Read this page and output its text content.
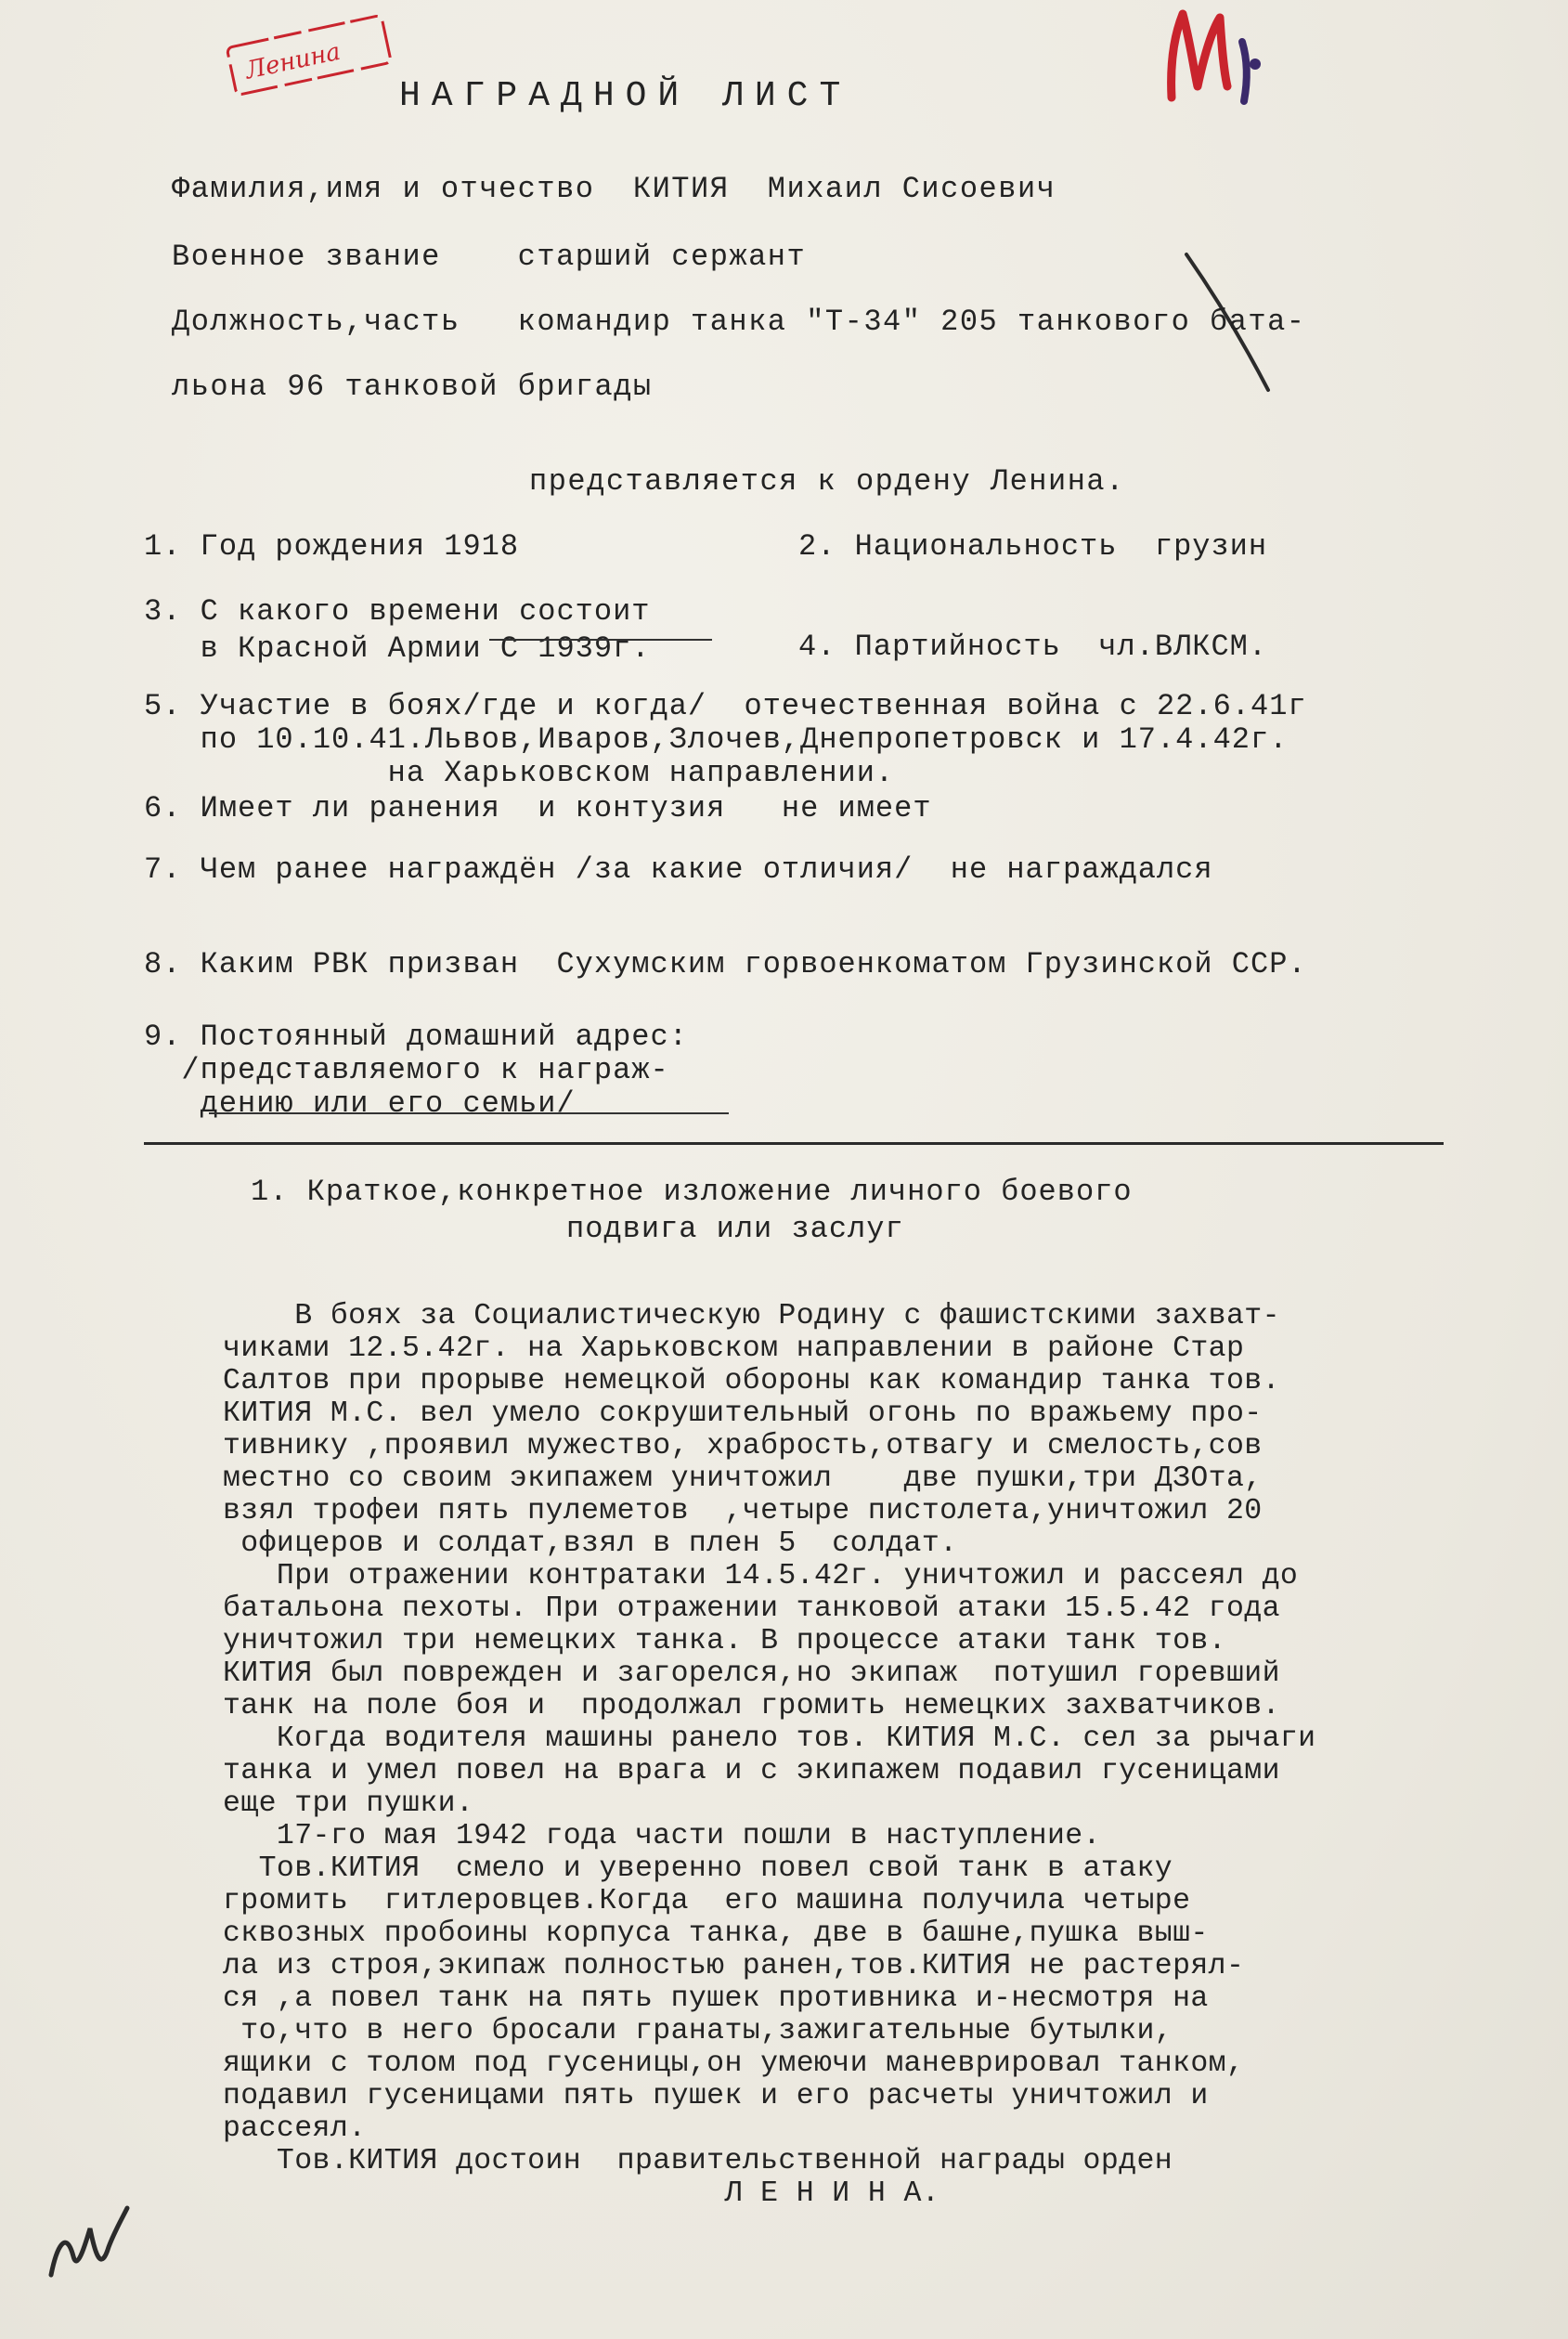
Ленина
НАГРАДНОЙ ЛИСТ
Фамилия,имя и отчество  КИТИЯ  Михаил Сисоевич
Военное звание    старший сержант
Должность,часть   командир танка "Т-34" 205 танкового бата-
льона 96 танковой бригады
представляется к ордену Ленина.
1. Год рождения 1918	2. Национальность  грузин
3. С какого времени состоит
в Красной Армии С 1939г.	4. Партийность  чл.ВЛКСМ.
5. Участие в боях/где и когда/  отечественная война с 22.6.41г
по 10.10.41.Львов,Иваров,Злочев,Днепропетровск и 17.4.42г.
на Харьковском направлении.
6. Имеет ли ранения  и контузия   не имеет
7. Чем ранее награждён /за какие отличия/  не награждался
8. Каким РВК призван  Сухумским горвоенкоматом Грузинской ССР.
9. Постоянный домашний адрес:
/представляемого к награж-
дению или его семьи/
1. Краткое,конкретное изложение личного боевого
подвига или заслуг
В боях за Социалистическую Родину с фашистскими захват-
чиками 12.5.42г. на Харьковском направлении в районе Стар
Салтов при прорыве немецкой обороны как командир танка тов.
КИТИЯ М.С. вел умело сокрушительный огонь по вражьему про-
тивнику ,проявил мужество, храбрость,отвагу и смелость,сов
местно со своим экипажем уничтожил    две пушки,три ДЗОта,
взял трофеи пять пулеметов  ,четыре пистолета,уничтожил 20
офицеров и солдат,взял в плен 5  солдат.
При отражении контратаки 14.5.42г. уничтожил и рассеял до
батальона пехоты. При отражении танковой атаки 15.5.42 года
уничтожил три немецких танка. В процессе атаки танк тов.
КИТИЯ был поврежден и загорелся,но экипаж  потушил горевший
танк на поле боя и  продолжал громить немецких захватчиков.
Когда водителя машины ранело тов. КИТИЯ М.С. сел за рычаги
танка и умел повел на врага и с экипажем подавил гусеницами
еще три пушки.
17-го мая 1942 года части пошли в наступление.
Тов.КИТИЯ  смело и уверенно повел свой танк в атаку
громить  гитлеровцев.Когда  его машина получила четыре
сквозных пробоины корпуса танка, две в башне,пушка выш-
ла из строя,экипаж полностью ранен,тов.КИТИЯ не растерял-
ся ,а повел танк на пять пушек противника и-несмотря на
то,что в него бросали гранаты,зажигательные бутылки,
ящики с толом под гусеницы,он умеючи маневрировал танком,
подавил гусеницами пять пушек и его расчеты уничтожил и
рассеял.
Тов.КИТИЯ достоин  правительственной награды орден
Л Е Н И Н А.
